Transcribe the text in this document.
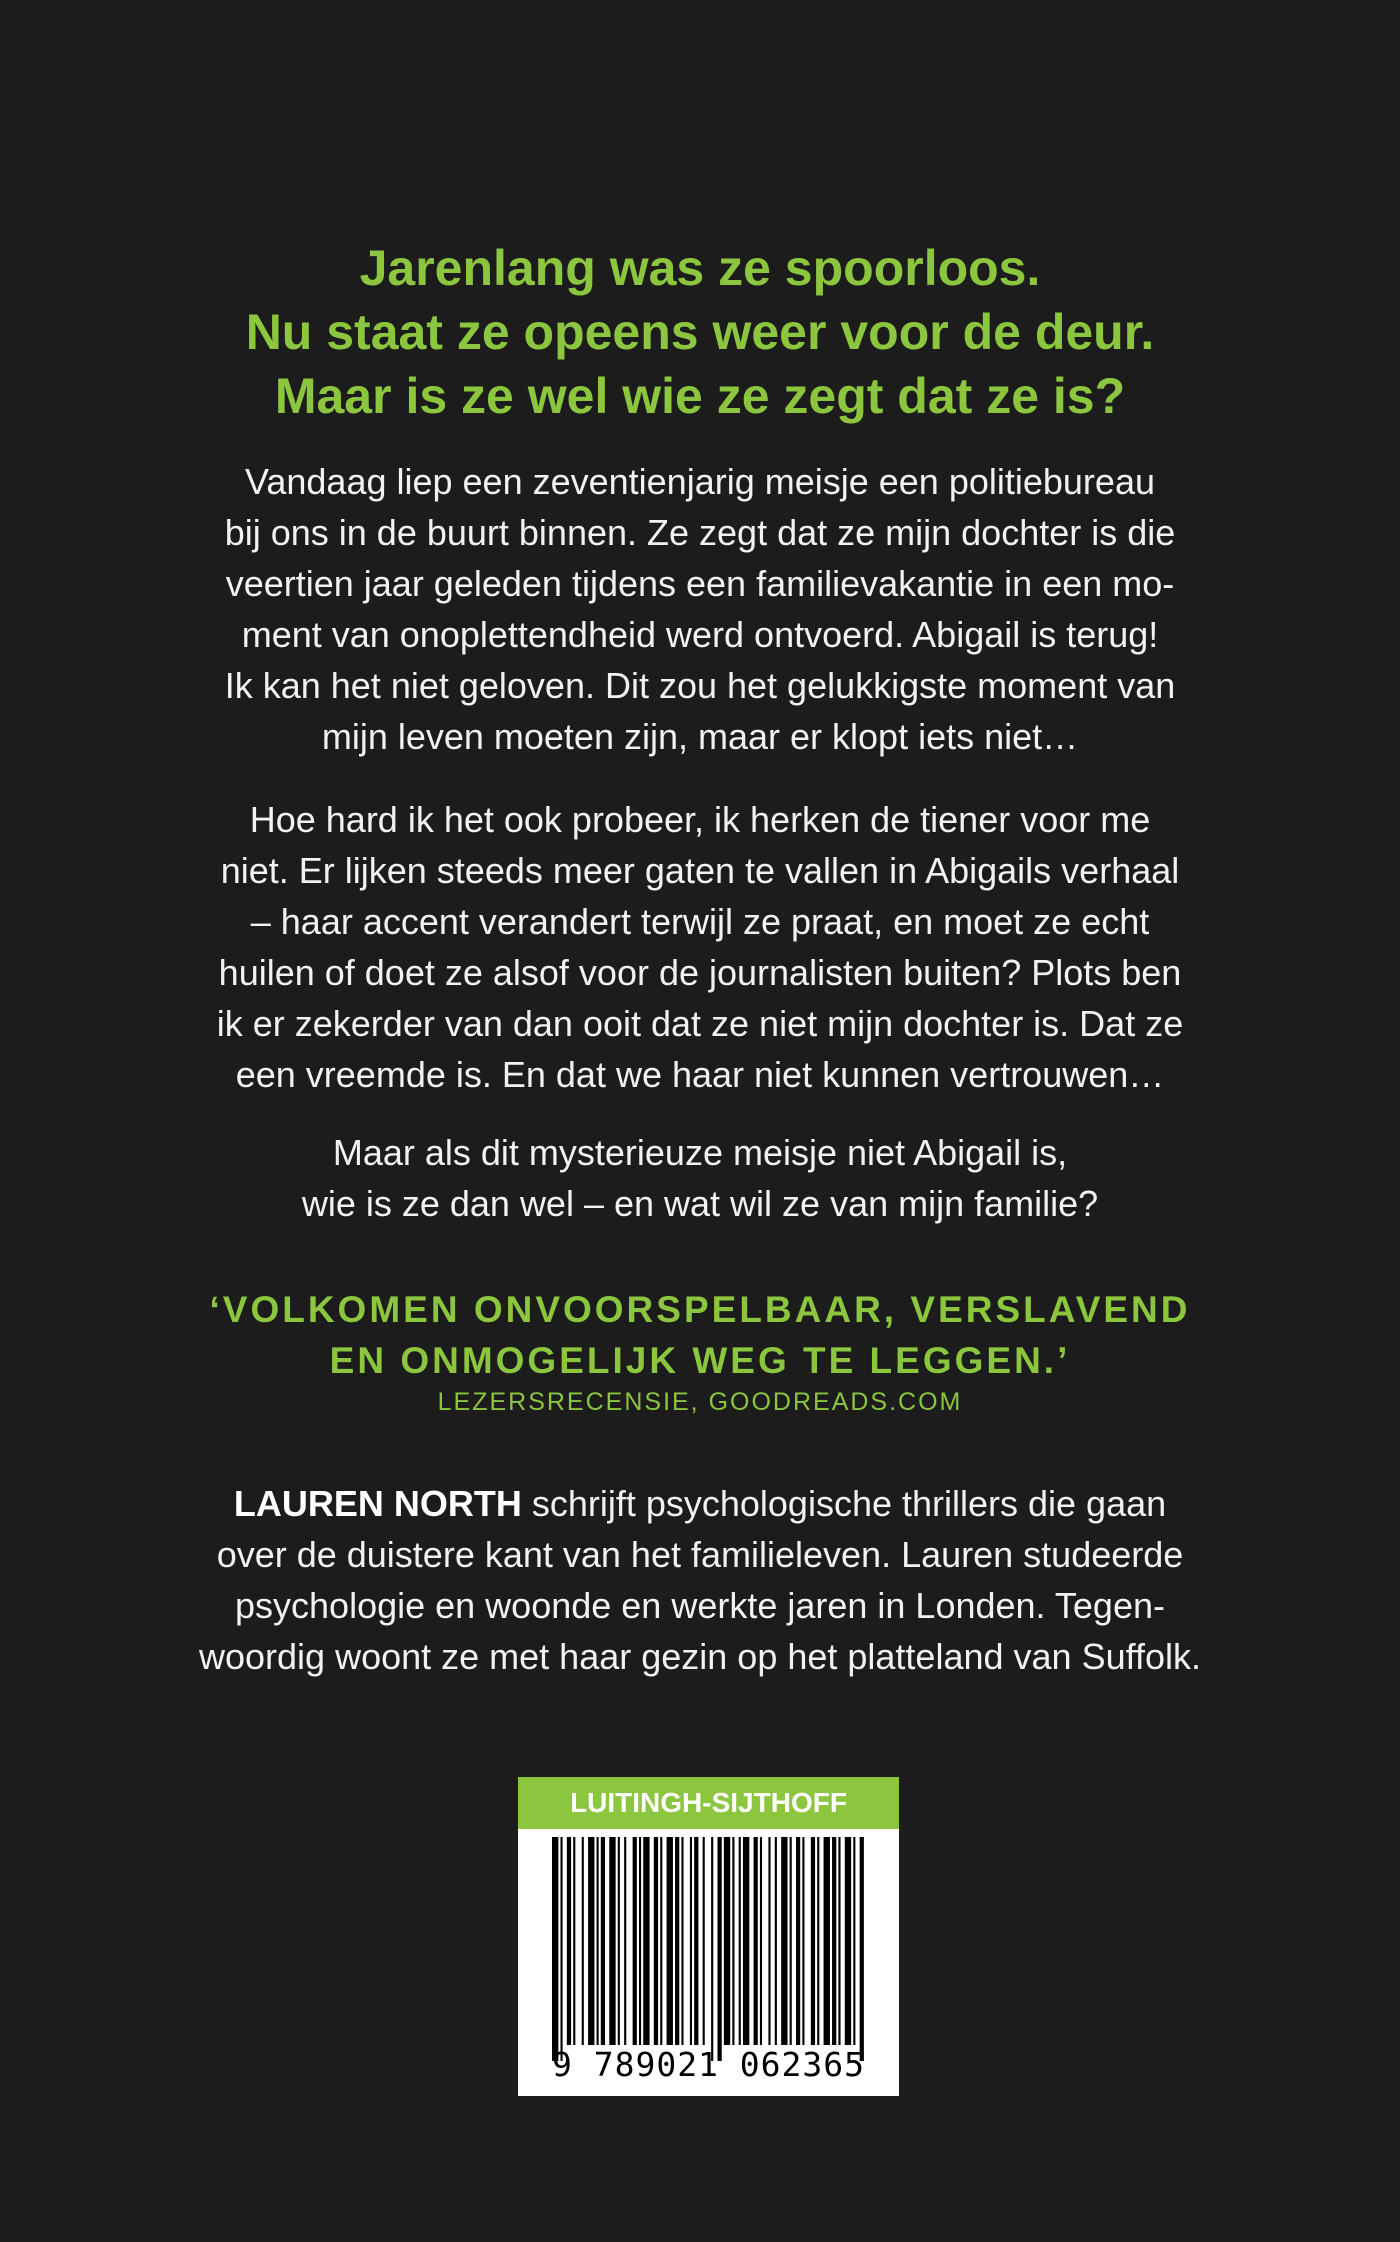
Jarenlang was ze spoorloos.
Nu staat ze opeens weer voor de deur.
Maar is ze wel wie ze zegt dat ze is?
Vandaag liep een zeventienjarig meisje een politiebureau
bij ons in de buurt binnen. Ze zegt dat ze mijn dochter is die
veertien jaar geleden tijdens een familievakantie in een mo-
ment van onoplettendheid werd ontvoerd. Abigail is terug!
Ik kan het niet geloven. Dit zou het gelukkigste moment van
mijn leven moeten zijn, maar er klopt iets niet…
Hoe hard ik het ook probeer, ik herken de tiener voor me
niet. Er lijken steeds meer gaten te vallen in Abigails verhaal
– haar accent verandert terwijl ze praat, en moet ze echt
huilen of doet ze alsof voor de journalisten buiten? Plots ben
ik er zekerder van dan ooit dat ze niet mijn dochter is. Dat ze
een vreemde is. En dat we haar niet kunnen vertrouwen…
Maar als dit mysterieuze meisje niet Abigail is,
wie is ze dan wel – en wat wil ze van mijn familie?
‘VOLKOMEN ONVOORSPELBAAR, VERSLAVEND
EN ONMOGELIJK WEG TE LEGGEN.’
LEZERSRECENSIE, GOODREADS.COM
LAUREN NORTH schrijft psychologische thrillers die gaan
over de duistere kant van het familieleven. Lauren studeerde
psychologie en woonde en werkte jaren in Londen. Tegen-
woordig woont ze met haar gezin op het platteland van Suffolk.
LUITINGH-SIJTHOFF
9 789021 062365
